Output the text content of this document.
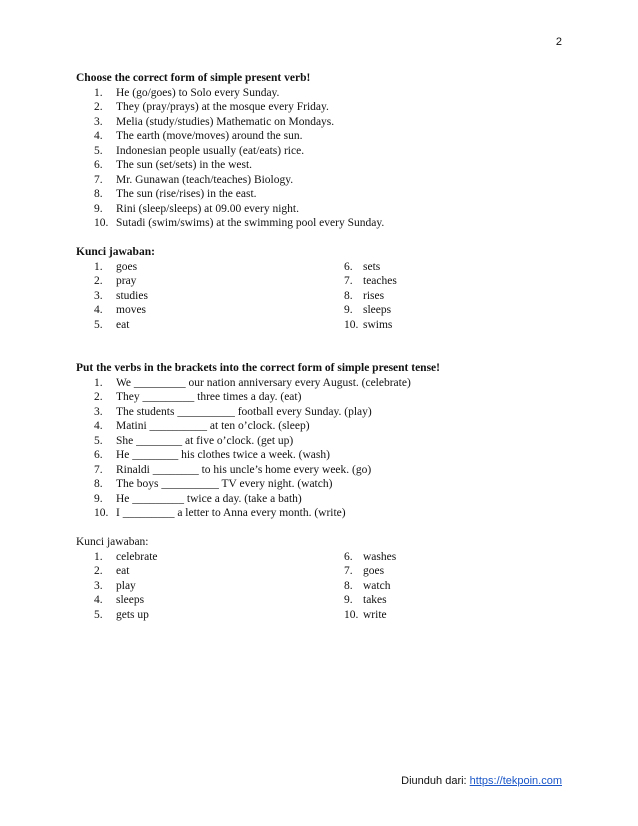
2
Choose the correct form of simple present verb!
1.	He (go/goes) to Solo every Sunday.
2.	They (pray/prays) at the mosque every Friday.
3.	Melia (study/studies) Mathematic on Mondays.
4.	The earth (move/moves) around the sun.
5.	Indonesian people usually (eat/eats) rice.
6.	The sun (set/sets) in the west.
7.	Mr. Gunawan (teach/teaches) Biology.
8.	The sun (rise/rises) in the east.
9.	Rini (sleep/sleeps) at 09.00 every night.
10. Sutadi (swim/swims) at the swimming pool every Sunday.
Kunci jawaban:
1.	goes
2.	pray
3.	studies
4.	moves
5.	eat
6. sets
7. teaches
8. rises
9. sleeps
10. swims
Put the verbs in the brackets into the correct form of simple present tense!
1.	We _________ our nation anniversary every August. (celebrate)
2.	They _________ three times a day. (eat)
3.	The students __________ football every Sunday. (play)
4.	Matini __________ at ten o’clock. (sleep)
5.	She ________ at five o’clock. (get up)
6.	He ________ his clothes twice a week. (wash)
7.	Rinaldi ________ to his uncle’s home every week. (go)
8.	The boys __________ TV every night. (watch)
9.	He _________ twice a day. (take a bath)
10. I _________ a letter to Anna every month. (write)
Kunci jawaban:
1.	celebrate
2.	eat
3.	play
4.	sleeps
5.	gets up
6. washes
7. goes
8. watch
9. takes
10. write
Diunduh dari: https://tekpoin.com
